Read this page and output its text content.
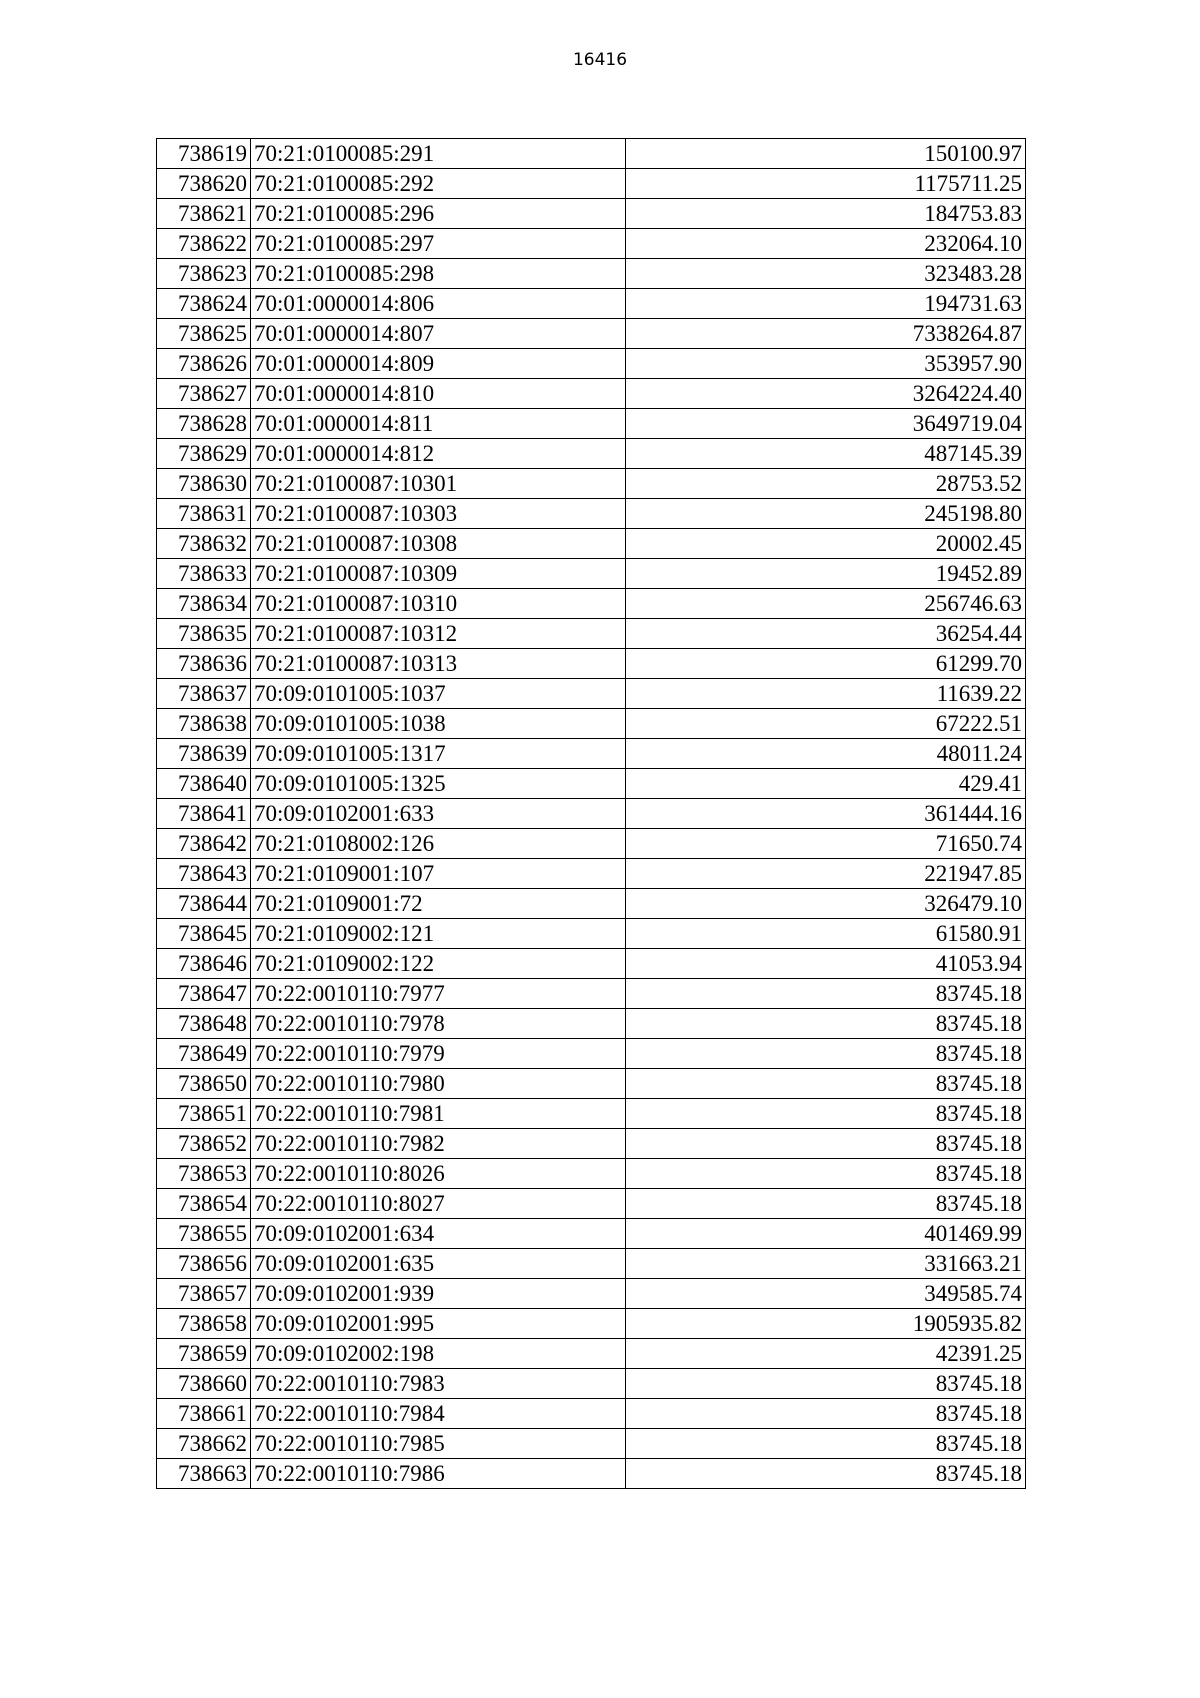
16416
738619	70:21:0100085:291	150100.97
738620	70:21:0100085:292	1175711.25
738621	70:21:0100085:296	184753.83
738622	70:21:0100085:297	232064.10
738623	70:21:0100085:298	323483.28
738624	70:01:0000014:806	194731.63
738625	70:01:0000014:807	7338264.87
738626	70:01:0000014:809	353957.90
738627	70:01:0000014:810	3264224.40
738628	70:01:0000014:811	3649719.04
738629	70:01:0000014:812	487145.39
738630	70:21:0100087:10301	28753.52
738631	70:21:0100087:10303	245198.80
738632	70:21:0100087:10308	20002.45
738633	70:21:0100087:10309	19452.89
738634	70:21:0100087:10310	256746.63
738635	70:21:0100087:10312	36254.44
738636	70:21:0100087:10313	61299.70
738637	70:09:0101005:1037	11639.22
738638	70:09:0101005:1038	67222.51
738639	70:09:0101005:1317	48011.24
738640	70:09:0101005:1325	429.41
738641	70:09:0102001:633	361444.16
738642	70:21:0108002:126	71650.74
738643	70:21:0109001:107	221947.85
738644	70:21:0109001:72	326479.10
738645	70:21:0109002:121	61580.91
738646	70:21:0109002:122	41053.94
738647	70:22:0010110:7977	83745.18
738648	70:22:0010110:7978	83745.18
738649	70:22:0010110:7979	83745.18
738650	70:22:0010110:7980	83745.18
738651	70:22:0010110:7981	83745.18
738652	70:22:0010110:7982	83745.18
738653	70:22:0010110:8026	83745.18
738654	70:22:0010110:8027	83745.18
738655	70:09:0102001:634	401469.99
738656	70:09:0102001:635	331663.21
738657	70:09:0102001:939	349585.74
738658	70:09:0102001:995	1905935.82
738659	70:09:0102002:198	42391.25
738660	70:22:0010110:7983	83745.18
738661	70:22:0010110:7984	83745.18
738662	70:22:0010110:7985	83745.18
738663	70:22:0010110:7986	83745.18
